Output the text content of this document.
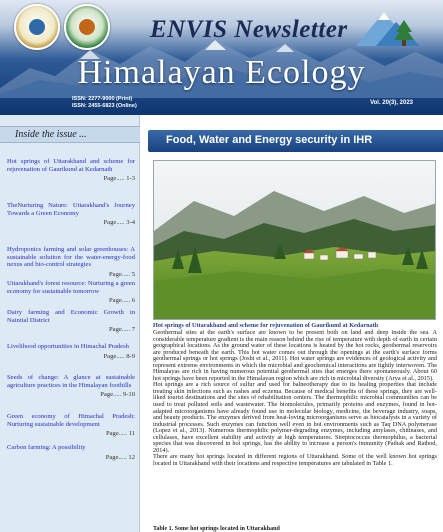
ENVIS Newsletter
Himalayan Ecology
ISSN: 2277-9000 (Print)
ISSN: 2455-6823 (Online)	Vol. 20(3), 2023
Inside the issue ...
Hot springs of Uttarakhand and scheme for rejuvenation of Gaurikund at Kedarnath
Page..... 1-3
TheNurturing Nature: Uttarakhand's Journey Towards a Green Economy
Page..... 3-4
Hydroponics farming and solar greenhouses: A sustainable solution for the water-energy-food nexus and bio-control strategies
Page..... 5
Uttarakhand's forest resource: Nurturing a green economy for sustainable tomorrow
Page..... 6
Dairy farming and Economic Growth in Nainital District
Page..... 7
Livelihood opportunities in Himachal Pradesh
Page..... 8-9
Seeds of change: A glance at sustainable agriculture practices in the Himalayan foothills
Page..... 9-10
Green economy of Himachal Pradesh: Nurturing sustainable development
Page..... 11
Carbon farming: A possibility
Page..... 12
Food, Water and Energy security in IHR
Hot springs of Uttarakhand and scheme for rejuvenation of Gaurikund at Kedarnath

Geothermal sites at the earth's surface are known to be present both on land and deep inside the sea. A considerable temperature gradient is the main reason behind the rise of temperature with depth of earth in certain geographical locations. As the ground water of these locations is heated by the hot rocks, geothermal reservoirs are produced beneath the earth. This hot water comes out through the openings at the earth's surface forms geothermal springs or hot springs (Joshi et al., 2011). Hot water springs are evidences of geological activity and represent extreme environments in which the microbial and geochemical interactions are tightly interwoven. The Himalayas are rich in having numerous potential geothermal sites that emerges there spontaneously. About 60 hot springs have been reported in the Himalayan region which are rich in microbial diversity (Arya et al., 2015).

Hot springs are a rich source of sulfur and used for balneotherapy due to its healing properties that include treating skin infections such as rashes and eczema. Because of medical benefits of these springs, they are well-liked tourist destinations and the sites of rehabilitation centers. The thermophilic microbial communities can be used to treat polluted soils and wastewater. The biomolecules, primarily proteins and enzymes, found in hot-adapted microorganisms have already found use in molecular biology, medicine, the beverage industry, soaps, and beauty products. The enzymes derived from heat-loving microorganisms serve as biocatalysts in a variety of industrial processes. Such enzymes can function well even in hot environments such as Taq DNA polymerase (Lopez et al., 2013). Numerous thermophilic polymer-degrading enzymes, including amylases, chitinases, and cellulases, have excellent stability and activity at high temperatures. Streptococcus thermophilus, a bacterial species that was discovered in hot springs, has the ability to increase a person's immunity (Pathak and Rathod, 2014).

There are many hot springs located in different regions of Uttarakhand. Some of the well known hot springs located in Uttarakhand with their locations and respective temperatures are tabulated in Table 1.

Table 1. Some hot springs located in Uttarakhand
